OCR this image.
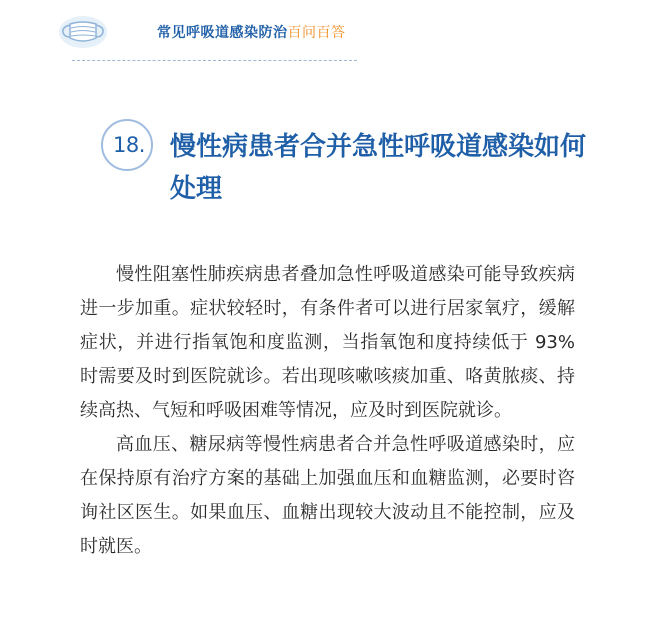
常见呼吸道感染防治百问百答
18. 慢性病患者合并急性呼吸道感染如何处理

慢性阻塞性肺疾病患者叠加急性呼吸道感染可能导致疾病进一步加重。症状较轻时，有条件者可以进行居家氧疗，缓解症状，并进行指氧饱和度监测，当指氧饱和度持续低于 93% 时需要及时到医院就诊。若出现咳嗽咳痰加重、咯黄脓痰、持续高热、气短和呼吸困难等情况，应及时到医院就诊。

高血压、糖尿病等慢性病患者合并急性呼吸道感染时，应在保持原有治疗方案的基础上加强血压和血糖监测，必要时咨询社区医生。如果血压、血糖出现较大波动且不能控制，应及时就医。
